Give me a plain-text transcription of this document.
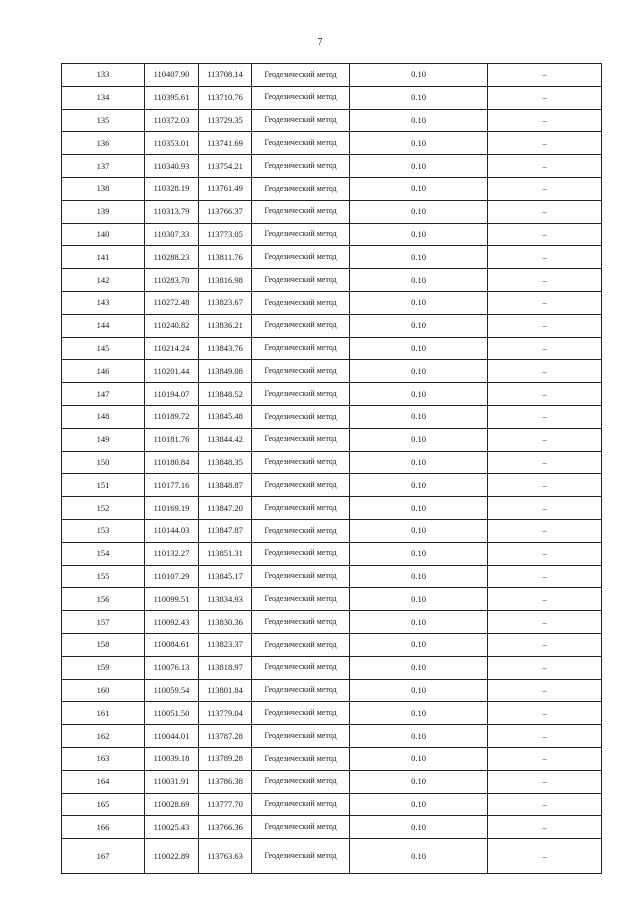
7
133	110407.90	113708.14	Геодезический метод	0.10	–
134	110395.61	113710.76	Геодезический метод	0.10	–
135	110372.03	113729.35	Геодезический метод	0.10	–
136	110353.01	113741.69	Геодезический метод	0.10	–
137	110340.93	113754.21	Геодезический метод	0.10	–
138	110328.19	113761.49	Геодезический метод	0.10	–
139	110313.79	113766.37	Геодезический метод	0.10	–
140	110307.33	113773.05	Геодезический метод	0.10	–
141	110288.23	113811.76	Геодезический метод	0.10	–
142	110283.70	113816.98	Геодезический метод	0.10	–
143	110272.48	113823.67	Геодезический метод	0.10	–
144	110240.82	113836.21	Геодезический метод	0.10	–
145	110214.24	113843.76	Геодезический метод	0.10	–
146	110201.44	113849.08	Геодезический метод	0.10	–
147	110194.07	113848.52	Геодезический метод	0.10	–
148	110189.72	113845.48	Геодезический метод	0.10	–
149	110181.76	113844.42	Геодезический метод	0.10	–
150	110180.84	113848.35	Геодезический метод	0.10	–
151	110177.16	113848.87	Геодезический метод	0.10	–
152	110169.19	113847.20	Геодезический метод	0.10	–
153	110144.03	113847.87	Геодезический метод	0.10	–
154	110132.27	113851.31	Геодезический метод	0.10	–
155	110107.29	113845.17	Геодезический метод	0.10	–
156	110099.51	113834.93	Геодезический метод	0.10	–
157	110092.43	113830.36	Геодезический метод	0.10	–
158	110084.61	113823.37	Геодезический метод	0.10	–
159	110076.13	113818.97	Геодезический метод	0.10	–
160	110059.54	113801.84	Геодезический метод	0.10	–
161	110051.50	113779.04	Геодезический метод	0.10	–
162	110044.01	113787.28	Геодезический метод	0.10	–
163	110039.18	113789.28	Геодезический метод	0.10	–
164	110031.91	113786.38	Геодезический метод	0.10	–
165	110028.69	113777.70	Геодезический метод	0.10	–
166	110025.43	113766.36	Геодезический метод	0.10	–
167	110022.89	113763.63	Геодезический метод	0.10	–
